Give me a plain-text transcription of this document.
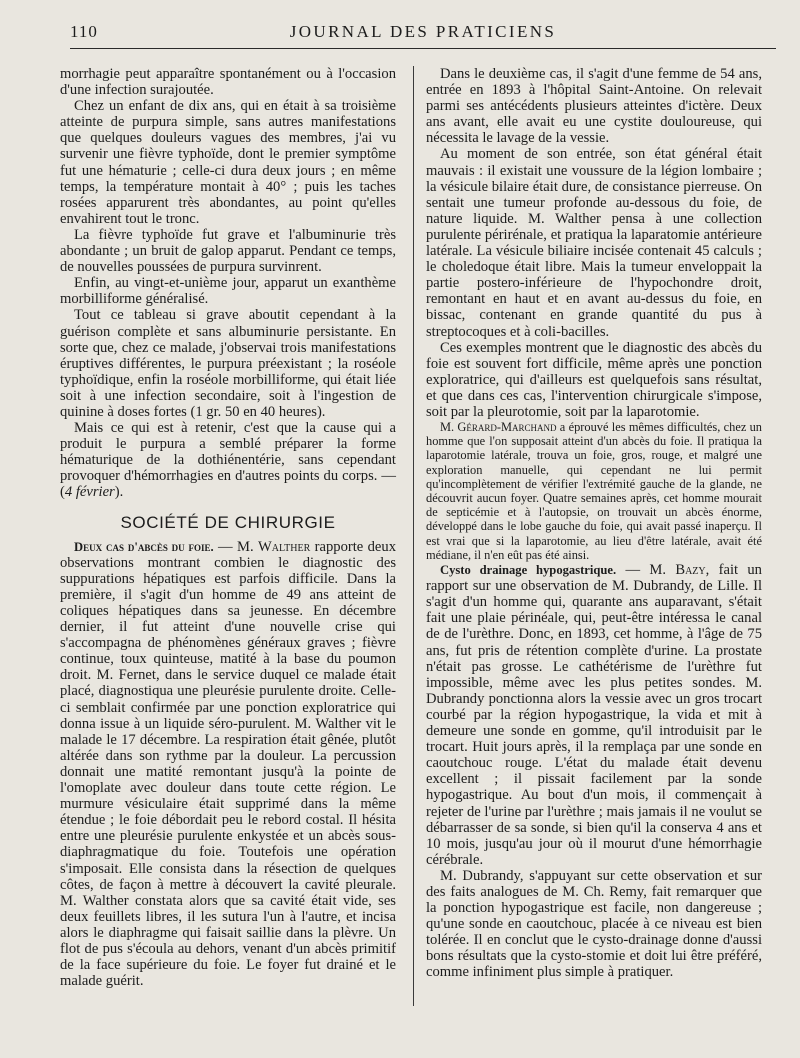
110	JOURNAL DES PRATICIENS

morrhagie peut apparaître spontanément ou à l'occasion d'une infection surajoutée.

Chez un enfant de dix ans, qui en était à sa troisième atteinte de purpura simple, sans autres manifestations que quelques douleurs vagues des membres, j'ai vu survenir une fièvre typhoïde, dont le premier symptôme fut une hématurie ; celle-ci dura deux jours ; en même temps, la température montait à 40° ; puis les taches rosées apparurent très abondantes, au point qu'elles envahirent tout le tronc.

La fièvre typhoïde fut grave et l'albuminurie très abondante ; un bruit de galop apparut. Pendant ce temps, de nouvelles poussées de purpura survinrent.

Enfin, au vingt-et-unième jour, apparut un exanthème morbilliforme généralisé.

Tout ce tableau si grave aboutit cependant à la guérison complète et sans albuminurie persistante. En sorte que, chez ce malade, j'observai trois manifestations éruptives différentes, le purpura préexistant ; la roséole typhoïdique, enfin la roséole morbilliforme, qui était liée soit à une infection secondaire, soit à l'ingestion de quinine à doses fortes (1 gr. 50 en 40 heures).

Mais ce qui est à retenir, c'est que la cause qui a produit le purpura a semblé préparer la forme hématurique de la dothiénentérie, sans cependant provoquer d'hémorrhagies en d'autres points du corps. — (4 février).

SOCIÉTÉ DE CHIRURGIE

Deux cas d'abcès du foie. — M. Walther rapporte deux observations montrant combien le diagnostic des suppurations hépatiques est parfois difficile. Dans la première, il s'agit d'un homme de 49 ans atteint de coliques hépatiques dans sa jeunesse. En décembre dernier, il fut atteint d'une nouvelle crise qui s'accompagna de phénomènes généraux graves ; fièvre continue, toux quinteuse, matité à la base du poumon droit. M. Fernet, dans le service duquel ce malade était placé, diagnostiqua une pleurésie purulente droite. Celle-ci semblait confirmée par une ponction exploratrice qui donna issue à un liquide séro-purulent. M. Walther vit le malade le 17 décembre. La respiration était gênée, plutôt altérée dans son rythme par la douleur. La percussion donnait une matité remontant jusqu'à la pointe de l'omoplate avec douleur dans toute cette région. Le murmure vésiculaire était supprimé dans la même étendue ; le foie débordait peu le rebord costal. Il hésita entre une pleurésie purulente enkystée et un abcès sous-diaphragmatique du foie. Toutefois une opération s'imposait. Elle consista dans la résection de quelques côtes, de façon à mettre à découvert la cavité pleurale. M. Walther constata alors que sa cavité était vide, ses deux feuillets libres, il les sutura l'un à l'autre, et incisa alors le diaphragme qui faisait saillie dans la plèvre. Un flot de pus s'écoula au dehors, venant d'un abcès primitif de la face supérieure du foie. Le foyer fut drainé et le malade guérit.

Dans le deuxième cas, il s'agit d'une femme de 54 ans, entrée en 1893 à l'hôpital Saint-Antoine. On relevait parmi ses antécédents plusieurs atteintes d'ictère. Deux ans avant, elle avait eu une cystite douloureuse, qui nécessita le lavage de la vessie.

Au moment de son entrée, son état général était mauvais : il existait une voussure de la légion lombaire ; la vésicule bilaire était dure, de consistance pierreuse. On sentait une tumeur profonde au-dessous du foie, de nature liquide. M. Walther pensa à une collection purulente périrénale, et pratiqua la laparatomie antérieure latérale. La vésicule biliaire incisée contenait 45 calculs ; le choledoque était libre. Mais la tumeur enveloppait la partie postero-inférieure de l'hypochondre droit, remontant en haut et en avant au-dessus du foie, en bissac, contenant en grande quantité du pus à streptocoques et à coli-bacilles.

Ces exemples montrent que le diagnostic des abcès du foie est souvent fort difficile, même après une ponction exploratrice, qui d'ailleurs est quelquefois sans résultat, et que dans ces cas, l'intervention chirurgicale s'impose, soit par la pleurotomie, soit par la laparotomie.

M. Gérard-Marchand a éprouvé les mêmes difficultés, chez un homme que l'on supposait atteint d'un abcès du foie. Il pratiqua la laparotomie latérale, trouva un foie, gros, rouge, et malgré une exploration manuelle, qui cependant ne lui permit qu'incomplètement de vérifier l'extrémité gauche de la glande, ne découvrit aucun foyer. Quatre semaines après, cet homme mourait de septicémie et à l'autopsie, on trouvait un abcès énorme, développé dans le lobe gauche du foie, qui avait passé inaperçu. Il est vrai que si la laparotomie, au lieu d'être latérale, avait été médiane, il n'en eût pas été ainsi.

Cysto drainage hypogastrique. — M. Bazy, fait un rapport sur une observation de M. Dubrandy, de Lille. Il s'agit d'un homme qui, quarante ans auparavant, s'était fait une plaie périnéale, qui, peut-être intéressa le canal de de l'urèthre. Donc, en 1893, cet homme, à l'âge de 75 ans, fut pris de rétention complète d'urine. La prostate n'était pas grosse. Le cathétérisme de l'urèthre fut impossible, même avec les plus petites sondes. M. Dubrandy ponctionna alors la vessie avec un gros trocart courbé par la région hypogastrique, la vida et mit à demeure une sonde en gomme, qu'il introduisit par le trocart. Huit jours après, il la remplaça par une sonde en caoutchouc rouge. L'état du malade était devenu excellent ; il pissait facilement par la sonde hypogastrique. Au bout d'un mois, il commençait à rejeter de l'urine par l'urèthre ; mais jamais il ne voulut se débarrasser de sa sonde, si bien qu'il la conserva 4 ans et 10 mois, jusqu'au jour où il mourut d'une hémorrhagie cérébrale.

M. Dubrandy, s'appuyant sur cette observation et sur des faits analogues de M. Ch. Remy, fait remarquer que la ponction hypogastrique est facile, non dangereuse ; qu'une sonde en caoutchouc, placée à ce niveau est bien tolérée. Il en conclut que le cysto-drainage donne d'aussi bons résultats que la cysto-stomie et doit lui être préféré, comme infiniment plus simple à pratiquer.
